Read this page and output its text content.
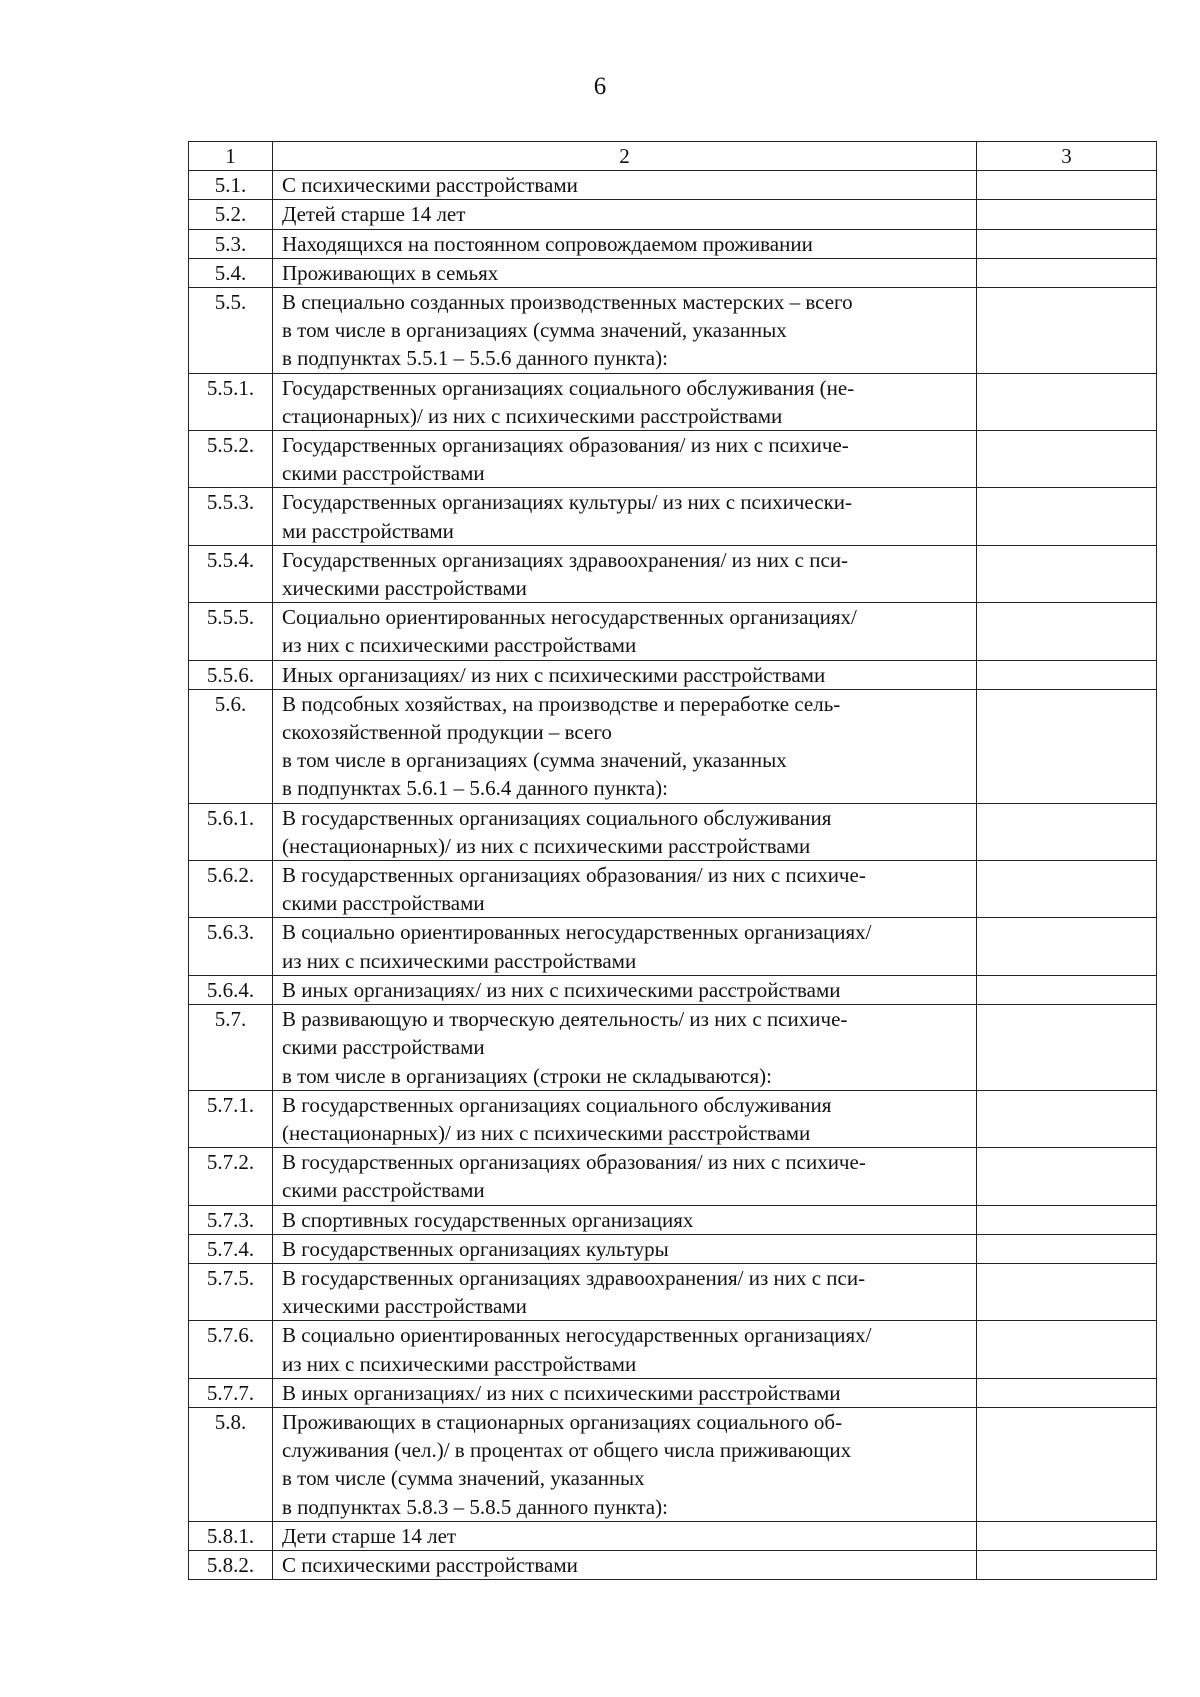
6
1	2	3
5.1.	С психическими расстройствами	

5.2.	Детей старше 14 лет	

5.3.	Находящихся на постоянном сопровождаемом проживании	

5.4.	Проживающих в семьях	

5.5.	В специально созданных производственных мастерских – всего
в том числе в организациях (сумма значений, указанных
в подпунктах 5.5.1 – 5.5.6 данного пункта):	

5.5.1.	Государственных организациях социального обслуживания (не-
стационарных)/ из них с психическими расстройствами	

5.5.2.	Государственных организациях образования/ из них с психиче-
скими расстройствами	

5.5.3.	Государственных организациях культуры/ из них с психически-
ми расстройствами	

5.5.4.	Государственных организациях здравоохранения/ из них с пси-
хическими расстройствами	

5.5.5.	Социально ориентированных негосударственных организациях/
из них с психическими расстройствами	

5.5.6.	Иных организациях/ из них с психическими расстройствами	

5.6.	В подсобных хозяйствах, на производстве и переработке сель-
скохозяйственной продукции – всего
в том числе в организациях (сумма значений, указанных
в подпунктах 5.6.1 – 5.6.4 данного пункта):	

5.6.1.	В государственных организациях социального обслуживания
(нестационарных)/ из них с психическими расстройствами	

5.6.2.	В государственных организациях образования/ из них с психиче-
скими расстройствами	

5.6.3.	В социально ориентированных негосударственных организациях/
из них с психическими расстройствами	

5.6.4.	В иных организациях/ из них с психическими расстройствами	

5.7.	В развивающую и творческую деятельность/ из них с психиче-
скими расстройствами
в том числе в организациях (строки не складываются):	

5.7.1.	В государственных организациях социального обслуживания
(нестационарных)/ из них с психическими расстройствами	

5.7.2.	В государственных организациях образования/ из них с психиче-
скими расстройствами	

5.7.3.	В спортивных государственных организациях	

5.7.4.	В государственных организациях культуры	

5.7.5.	В государственных организациях здравоохранения/ из них с пси-
хическими расстройствами	

5.7.6.	В социально ориентированных негосударственных организациях/
из них с психическими расстройствами	

5.7.7.	В иных организациях/ из них с психическими расстройствами	

5.8.	Проживающих в стационарных организациях социального об-
служивания (чел.)/ в процентах от общего числа приживающих
в том числе (сумма значений, указанных
в подпунктах 5.8.3 – 5.8.5 данного пункта):	

5.8.1.	Дети старше 14 лет	

5.8.2.	С психическими расстройствами	
